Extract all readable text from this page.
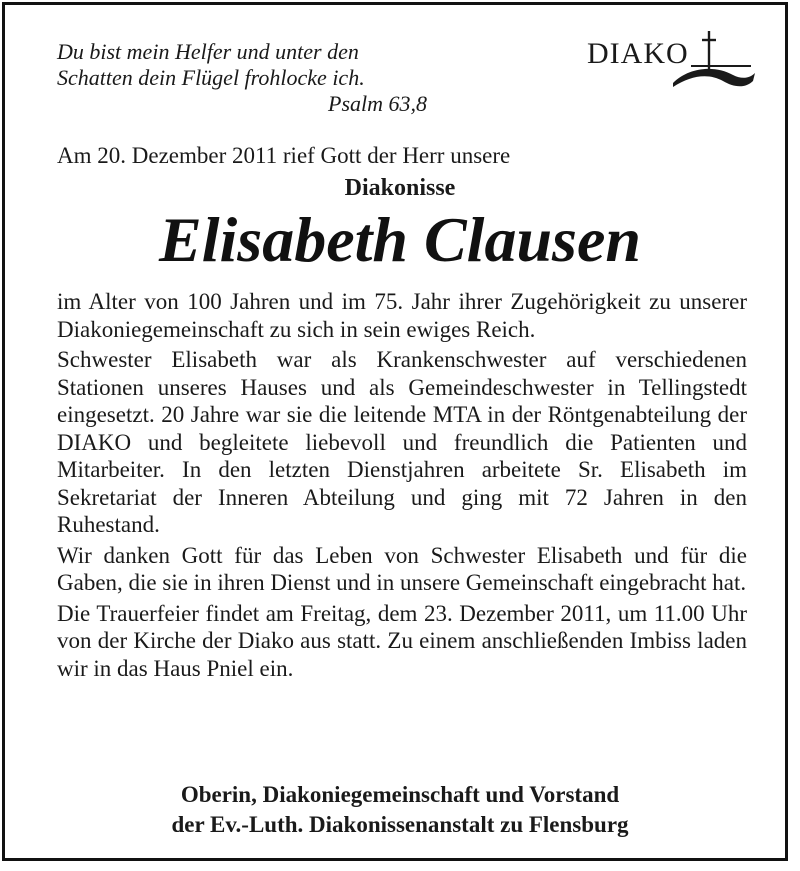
Du bist mein Helfer und unter den
Schatten dein Flügel frohlocke ich.
Psalm 63,8
DIAKO
Am 20. Dezember 2011 rief Gott der Herr unsere
Diakonisse
Elisabeth Clausen

im Alter von 100 Jahren und im 75. Jahr ihrer Zugehörigkeit zu unserer Diakoniegemeinschaft zu sich in sein ewiges Reich.

Schwester Elisabeth war als Krankenschwester auf verschiedenen Stationen unseres Hauses und als Gemeindeschwester in Tellingstedt eingesetzt. 20 Jahre war sie die leitende MTA in der Röntgenabteilung der DIAKO und begleitete liebevoll und freundlich die Patienten und Mitarbeiter. In den letzten Dienstjahren arbeitete Sr. Elisabeth im Sekretariat der Inneren Abteilung und ging mit 72 Jahren in den Ruhestand.

Wir danken Gott für das Leben von Schwester Elisabeth und für die Gaben, die sie in ihren Dienst und in unsere Gemeinschaft eingebracht hat.

Die Trauerfeier findet am Freitag, dem 23. Dezember 2011, um 11.00 Uhr von der Kirche der Diako aus statt. Zu einem anschließenden Imbiss laden wir in das Haus Pniel ein.

Oberin, Diakoniegemeinschaft und Vorstand
der Ev.-Luth. Diakonissenanstalt zu Flensburg
